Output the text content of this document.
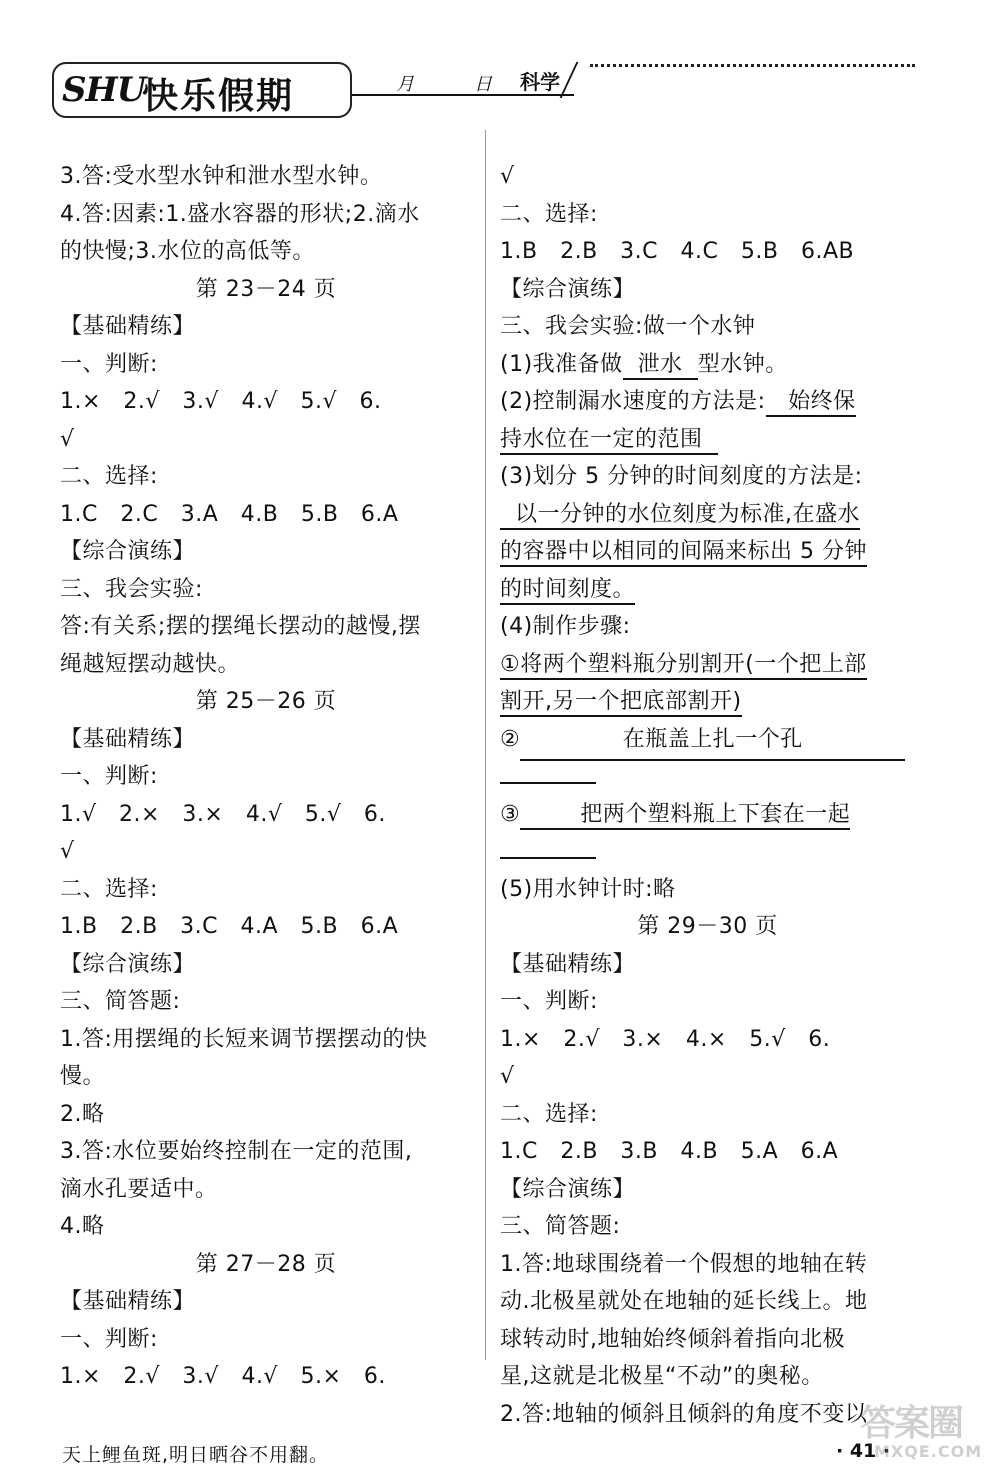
SHU
快乐假期	月	日 科学
3.答:受水型水钟和泄水型水钟。
4.答:因素:1.盛水容器的形状;2.滴水
的快慢;3.水位的高低等。
第 23－24 页
【基础精练】
一、判断:
1.×　2.√　3.√　4.√　5.√　6.
√
二、选择:
1.C　2.C　3.A　4.B　5.B　6.A
【综合演练】
三、我会实验:
答:有关系;摆的摆绳长摆动的越慢,摆
绳越短摆动越快。
第 25－26 页
【基础精练】
一、判断:
1.√　2.×　3.×　4.√　5.√　6.
√
二、选择:
1.B　2.B　3.C　4.A　5.B　6.A
【综合演练】
三、简答题:
1.答:用摆绳的长短来调节摆摆动的快
慢。
2.略
3.答:水位要始终控制在一定的范围,
滴水孔要适中。
4.略
第 27－28 页
【基础精练】
一、判断:
1.×　2.√　3.√　4.√　5.×　6.
√
二、选择:
1.B　2.B　3.C　4.C　5.B　6.AB
【综合演练】
三、我会实验:做一个水钟
(1)我准备做 泄水 型水钟。
(2)控制漏水速度的方法是: 始终保
持水位在一定的范围
(3)划分 5 分钟的时间刻度的方法是:
以一分钟的水位刻度为标准,在盛水
的容器中以相同的间隔来标出 5 分钟
的时间刻度。
(4)制作步骤:
①将两个塑料瓶分别割开(一个把上部
割开,另一个把底部割开)
②	在瓶盖上扎一个孔
③	把两个塑料瓶上下套在一起
(5)用水钟计时:略
第 29－30 页
【基础精练】
一、判断:
1.×　2.√　3.×　4.×　5.√　6.
√
二、选择:
1.C　2.B　3.B　4.B　5.A　6.A
【综合演练】
三、简答题:
1.答:地球围绕着一个假想的地轴在转
动.北极星就处在地轴的延长线上。地
球转动时,地轴始终倾斜着指向北极
星,这就是北极星“不动”的奥秘。
2.答:地轴的倾斜且倾斜的角度不变以
天上鲤鱼斑,明日晒谷不用翻。	· 41 ·
答案圈
MXQE.COM
